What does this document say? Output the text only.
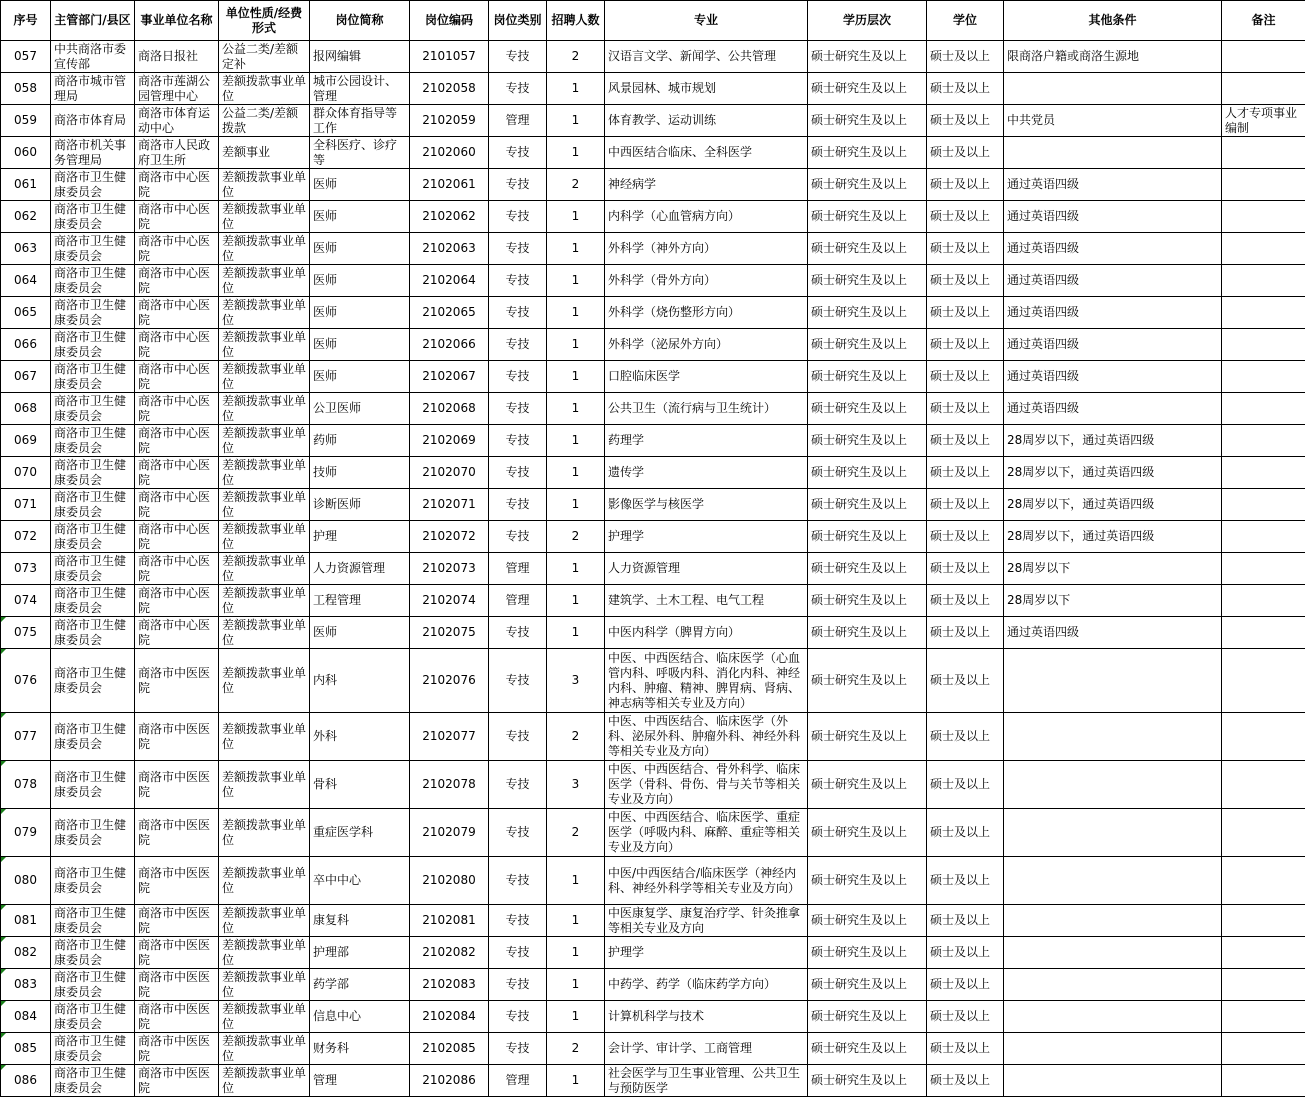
序号	主管部门/县区	事业单位名称	单位性质/经费形式	岗位简称	岗位编码	岗位类别	招聘人数	专业	学历层次	学位	其他条件	备注
057	中共商洛市委宣传部	商洛日报社	公益二类/差额定补	报网编辑	2101057	专技	2	汉语言文学、新闻学、公共管理	硕士研究生及以上	硕士及以上	限商洛户籍或商洛生源地	
058	商洛市城市管理局	商洛市莲湖公园管理中心	差额拨款事业单位	城市公园设计、管理	2102058	专技	1	风景园林、城市规划	硕士研究生及以上	硕士及以上		
059	商洛市体育局	商洛市体育运动中心	公益二类/差额拨款	群众体育指导等工作	2102059	管理	1	体育教学、运动训练	硕士研究生及以上	硕士及以上	中共党员	人才专项事业编制
060	商洛市机关事务管理局	商洛市人民政府卫生所	差额事业	全科医疗、诊疗等	2102060	专技	1	中西医结合临床、全科医学	硕士研究生及以上	硕士及以上		
061	商洛市卫生健康委员会	商洛市中心医院	差额拨款事业单位	医师	2102061	专技	2	神经病学	硕士研究生及以上	硕士及以上	通过英语四级	
062	商洛市卫生健康委员会	商洛市中心医院	差额拨款事业单位	医师	2102062	专技	1	内科学（心血管病方向）	硕士研究生及以上	硕士及以上	通过英语四级	
063	商洛市卫生健康委员会	商洛市中心医院	差额拨款事业单位	医师	2102063	专技	1	外科学（神外方向）	硕士研究生及以上	硕士及以上	通过英语四级	
064	商洛市卫生健康委员会	商洛市中心医院	差额拨款事业单位	医师	2102064	专技	1	外科学（骨外方向）	硕士研究生及以上	硕士及以上	通过英语四级	
065	商洛市卫生健康委员会	商洛市中心医院	差额拨款事业单位	医师	2102065	专技	1	外科学（烧伤整形方向）	硕士研究生及以上	硕士及以上	通过英语四级	
066	商洛市卫生健康委员会	商洛市中心医院	差额拨款事业单位	医师	2102066	专技	1	外科学（泌尿外方向）	硕士研究生及以上	硕士及以上	通过英语四级	
067	商洛市卫生健康委员会	商洛市中心医院	差额拨款事业单位	医师	2102067	专技	1	口腔临床医学	硕士研究生及以上	硕士及以上	通过英语四级	
068	商洛市卫生健康委员会	商洛市中心医院	差额拨款事业单位	公卫医师	2102068	专技	1	公共卫生（流行病与卫生统计）	硕士研究生及以上	硕士及以上	通过英语四级	
069	商洛市卫生健康委员会	商洛市中心医院	差额拨款事业单位	药师	2102069	专技	1	药理学	硕士研究生及以上	硕士及以上	28周岁以下，通过英语四级	
070	商洛市卫生健康委员会	商洛市中心医院	差额拨款事业单位	技师	2102070	专技	1	遗传学	硕士研究生及以上	硕士及以上	28周岁以下，通过英语四级	
071	商洛市卫生健康委员会	商洛市中心医院	差额拨款事业单位	诊断医师	2102071	专技	1	影像医学与核医学	硕士研究生及以上	硕士及以上	28周岁以下，通过英语四级	
072	商洛市卫生健康委员会	商洛市中心医院	差额拨款事业单位	护理	2102072	专技	2	护理学	硕士研究生及以上	硕士及以上	28周岁以下，通过英语四级	
073	商洛市卫生健康委员会	商洛市中心医院	差额拨款事业单位	人力资源管理	2102073	管理	1	人力资源管理	硕士研究生及以上	硕士及以上	28周岁以下	
074	商洛市卫生健康委员会	商洛市中心医院	差额拨款事业单位	工程管理	2102074	管理	1	建筑学、土木工程、电气工程	硕士研究生及以上	硕士及以上	28周岁以下	
075	商洛市卫生健康委员会	商洛市中心医院	差额拨款事业单位	医师	2102075	专技	1	中医内科学（脾胃方向）	硕士研究生及以上	硕士及以上	通过英语四级	
076	商洛市卫生健康委员会	商洛市中医医院	差额拨款事业单位	内科	2102076	专技	3	中医、中西医结合、临床医学（心血管内科、呼吸内科、消化内科、神经内科、肿瘤、精神、脾胃病、肾病、神志病等相关专业及方向）	硕士研究生及以上	硕士及以上		
077	商洛市卫生健康委员会	商洛市中医医院	差额拨款事业单位	外科	2102077	专技	2	中医、中西医结合、临床医学（外科、泌尿外科、肿瘤外科、神经外科等相关专业及方向）	硕士研究生及以上	硕士及以上		
078	商洛市卫生健康委员会	商洛市中医医院	差额拨款事业单位	骨科	2102078	专技	3	中医、中西医结合、骨外科学、临床医学（骨科、骨伤、骨与关节等相关专业及方向）	硕士研究生及以上	硕士及以上		
079	商洛市卫生健康委员会	商洛市中医医院	差额拨款事业单位	重症医学科	2102079	专技	2	中医、中西医结合、临床医学、重症医学（呼吸内科、麻醉、重症等相关专业及方向）	硕士研究生及以上	硕士及以上		
080	商洛市卫生健康委员会	商洛市中医医院	差额拨款事业单位	卒中中心	2102080	专技	1	中医/中西医结合/临床医学（神经内科、神经外科学等相关专业及方向）	硕士研究生及以上	硕士及以上		
081	商洛市卫生健康委员会	商洛市中医医院	差额拨款事业单位	康复科	2102081	专技	1	中医康复学、康复治疗学、针灸推拿等相关专业及方向	硕士研究生及以上	硕士及以上		
082	商洛市卫生健康委员会	商洛市中医医院	差额拨款事业单位	护理部	2102082	专技	1	护理学	硕士研究生及以上	硕士及以上		
083	商洛市卫生健康委员会	商洛市中医医院	差额拨款事业单位	药学部	2102083	专技	1	中药学、药学（临床药学方向）	硕士研究生及以上	硕士及以上		
084	商洛市卫生健康委员会	商洛市中医医院	差额拨款事业单位	信息中心	2102084	专技	1	计算机科学与技术	硕士研究生及以上	硕士及以上		
085	商洛市卫生健康委员会	商洛市中医医院	差额拨款事业单位	财务科	2102085	专技	2	会计学、审计学、工商管理	硕士研究生及以上	硕士及以上		
086	商洛市卫生健康委员会	商洛市中医医院	差额拨款事业单位	管理	2102086	管理	1	社会医学与卫生事业管理、公共卫生与预防医学	硕士研究生及以上	硕士及以上		
